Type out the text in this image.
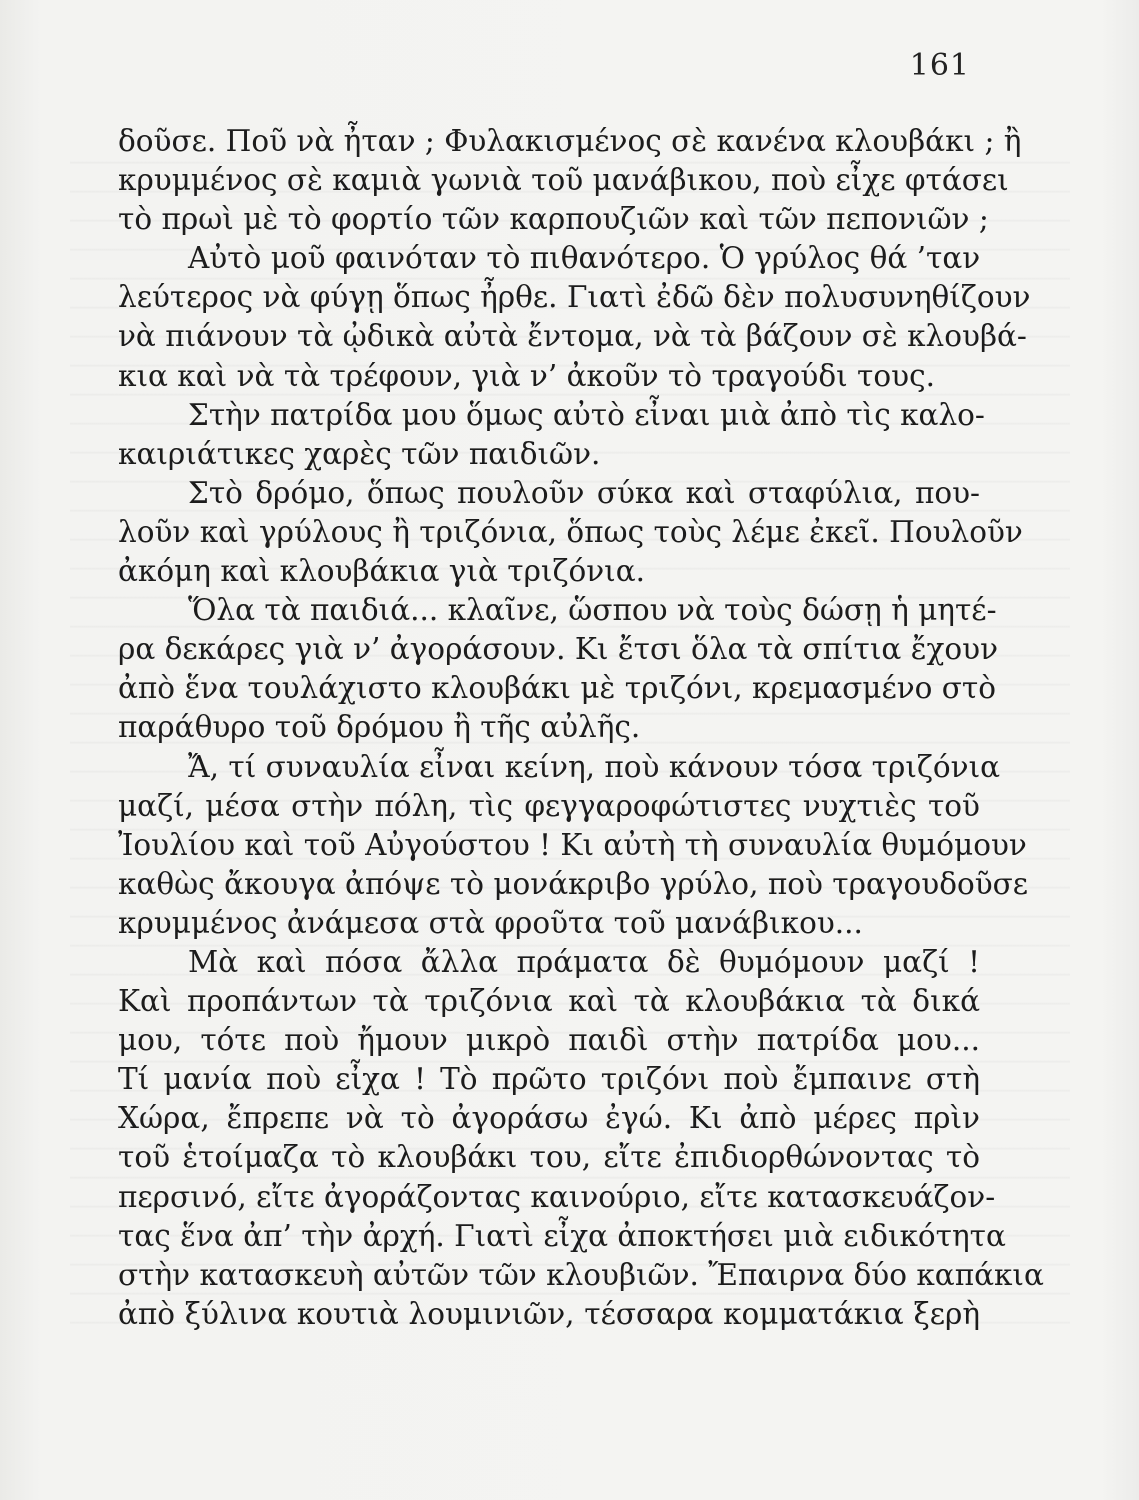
161
δοῦσε. Ποῦ νὰ ἦταν ; Φυλακισμένος σὲ κανένα κλουβάκι ; ἢ
κρυμμένος σὲ καμιὰ γωνιὰ τοῦ μανάβικου, ποὺ εἶχε φτάσει
τὸ πρωὶ μὲ τὸ φορτίο τῶν καρπουζιῶν καὶ τῶν πεπονιῶν ;
Αὐτὸ μοῦ φαινόταν τὸ πιθανότερο. Ὁ γρύλος θά ’ταν
λεύτερος νὰ φύγῃ ὅπως ἦρθε. Γιατὶ ἐδῶ δὲν πολυσυνηθίζουν
νὰ πιάνουν τὰ ᾠδικὰ αὐτὰ ἔντομα, νὰ τὰ βάζουν σὲ κλουβά-
κια καὶ νὰ τὰ τρέφουν, γιὰ ν’ ἀκοῦν τὸ τραγούδι τους.
Στὴν πατρίδα μου ὅμως αὐτὸ εἶναι μιὰ ἀπὸ τὶς καλο-
καιριάτικες χαρὲς τῶν παιδιῶν.
Στὸ δρόμο, ὅπως πουλοῦν σύκα καὶ σταφύλια, που-
λοῦν καὶ γρύλους ἢ τριζόνια, ὅπως τοὺς λέμε ἐκεῖ. Πουλοῦν
ἀκόμη καὶ κλουβάκια γιὰ τριζόνια.
Ὅλα τὰ παιδιά... κλαῖνε, ὥσπου νὰ τοὺς δώσῃ ἡ μητέ-
ρα δεκάρες γιὰ ν’ ἀγοράσουν. Κι ἔτσι ὅλα τὰ σπίτια ἔχουν
ἀπὸ ἕνα τουλάχιστο κλουβάκι μὲ τριζόνι, κρεμασμένο στὸ
παράθυρο τοῦ δρόμου ἢ τῆς αὐλῆς.
Ἄ, τί συναυλία εἶναι κείνη, ποὺ κάνουν τόσα τριζόνια
μαζί, μέσα στὴν πόλη, τὶς φεγγαροφώτιστες νυχτιὲς τοῦ
Ἰουλίου καὶ τοῦ Αὐγούστου ! Κι αὐτὴ τὴ συναυλία θυμόμουν
καθὼς ἄκουγα ἀπόψε τὸ μονάκριβο γρύλο, ποὺ τραγουδοῦσε
κρυμμένος ἀνάμεσα στὰ φροῦτα τοῦ μανάβικου...
Μὰ καὶ πόσα ἄλλα πράματα δὲ θυμόμουν μαζί !
Καὶ προπάντων τὰ τριζόνια καὶ τὰ κλουβάκια τὰ δικά
μου, τότε ποὺ ἤμουν μικρὸ παιδὶ στὴν πατρίδα μου...
Τί μανία ποὺ εἶχα ! Τὸ πρῶτο τριζόνι ποὺ ἔμπαινε στὴ
Χώρα, ἔπρεπε νὰ τὸ ἀγοράσω ἐγώ. Κι ἀπὸ μέρες πρὶν
τοῦ ἑτοίμαζα τὸ κλουβάκι του, εἴτε ἐπιδιορθώνοντας τὸ
περσινό, εἴτε ἀγοράζοντας καινούριο, εἴτε κατασκευάζον-
τας ἕνα ἀπ’ τὴν ἀρχή. Γιατὶ εἶχα ἀποκτήσει μιὰ ειδικότητα
στὴν κατασκευὴ αὐτῶν τῶν κλουβιῶν. Ἔπαιρνα δύο καπάκια
ἀπὸ ξύλινα κουτιὰ λουμινιῶν, τέσσαρα κομματάκια ξερὴ
